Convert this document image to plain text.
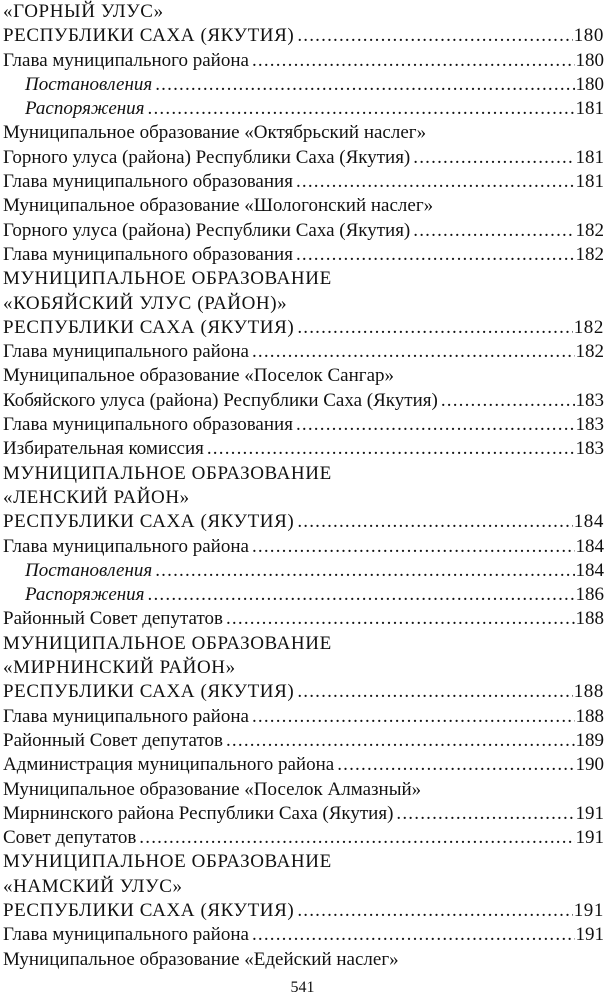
«ГОРНЫЙ УЛУС»
РЕСПУБЛИКИ САХА (ЯКУТИЯ) .....	180
Глава муниципального района .....	180
Постановления .....	180
Распоряжения .....	181
Муниципальное образование «Октябрьский наслег»
Горного улуса (района) Республики Саха (Якутия) .....	181
Глава муниципального образования .....	181
Муниципальное образование «Шологонский наслег»
Горного улуса (района) Республики Саха (Якутия) .....	182
Глава муниципального образования .....	182
МУНИЦИПАЛЬНОЕ ОБРАЗОВАНИЕ
«КОБЯЙСКИЙ УЛУС (РАЙОН)»
РЕСПУБЛИКИ САХА (ЯКУТИЯ) .....	182
Глава муниципального района .....	182
Муниципальное образование «Поселок Сангар»
Кобяйского улуса (района) Республики Саха (Якутия) .....	183
Глава муниципального образования .....	183
Избирательная комиссия .....	183
МУНИЦИПАЛЬНОЕ ОБРАЗОВАНИЕ
«ЛЕНСКИЙ РАЙОН»
РЕСПУБЛИКИ САХА (ЯКУТИЯ) .....	184
Глава муниципального района .....	184
Постановления .....	184
Распоряжения .....	186
Районный Совет депутатов .....	188
МУНИЦИПАЛЬНОЕ ОБРАЗОВАНИЕ
«МИРНИНСКИЙ РАЙОН»
РЕСПУБЛИКИ САХА (ЯКУТИЯ) .....	188
Глава муниципального района .....	188
Районный Совет депутатов .....	189
Администрация муниципального района .....	190
Муниципальное образование «Поселок Алмазный»
Мирнинского района Республики Саха (Якутия) .....	191
Совет депутатов .....	191
МУНИЦИПАЛЬНОЕ ОБРАЗОВАНИЕ
«НАМСКИЙ УЛУС»
РЕСПУБЛИКИ САХА (ЯКУТИЯ) .....	191
Глава муниципального района .....	191
Муниципальное образование «Едейский наслег»
541
